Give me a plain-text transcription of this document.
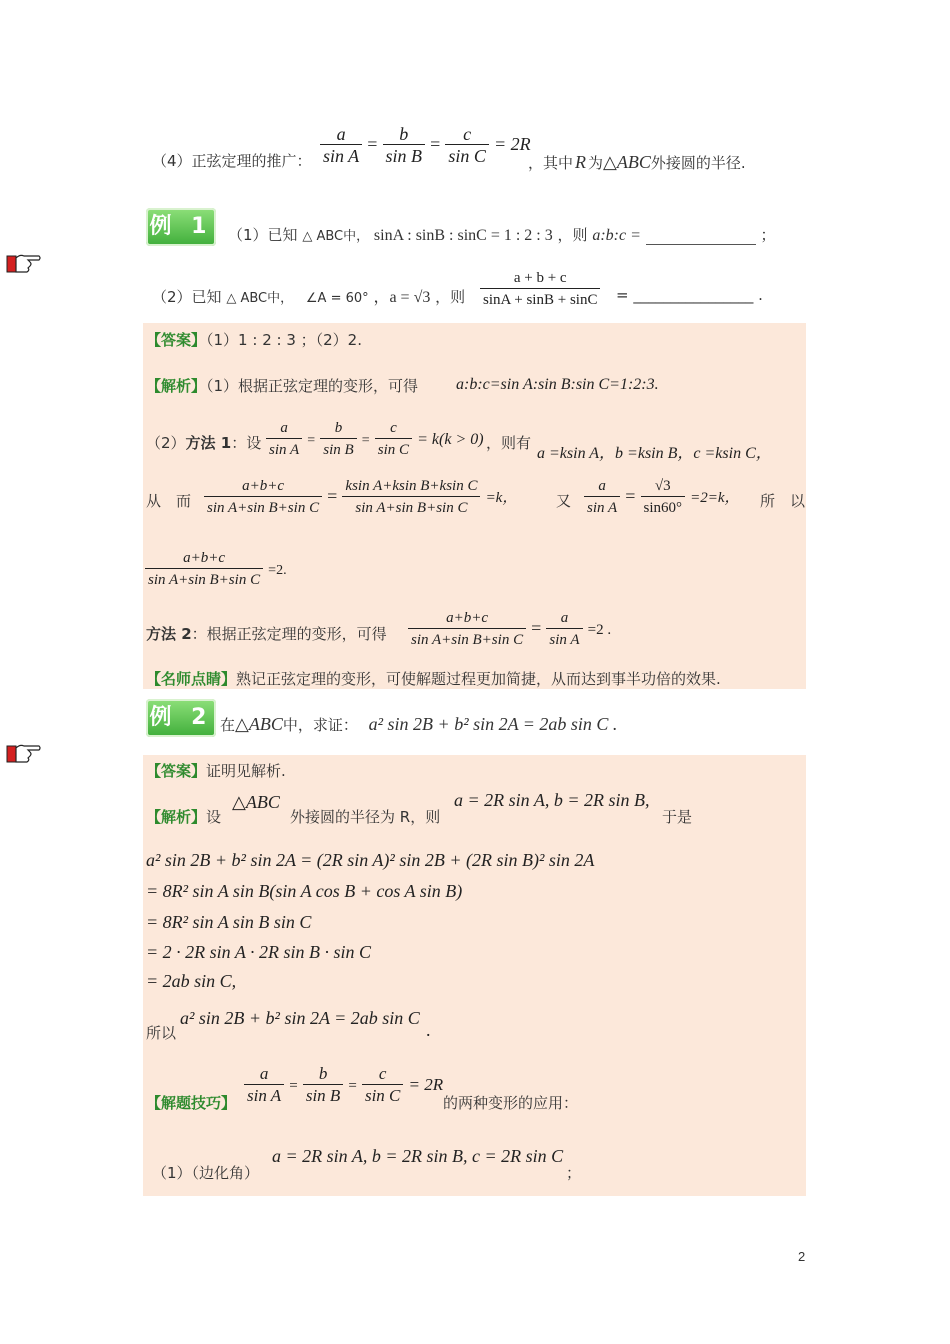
（4）正弦定理的推广： $\frac{a}{\text{sin A}} = \frac{b}{\text{sin B}} = \frac{c}{\text{sin C}} = 2R$
，其中 R 为△ABC外接圆的半径.
例 1 （1）已知 △ ABC中， sinA : sinB : sinC = 1 : 2 : 3 ，则 a:b:c =	；
（2）已知 △ ABC中， ∠A = 60° ，a = √3 ，则 $\frac{a + b + c}{\sin A + \sin B + \sin C}$ = ________________ .
【答案】（1）1 : 2 : 3 ；（2）2.
【解析】（1）根据正弦定理的变形，可得 a:b:c=sin A:sin B:sin C=1:2:3.
（2）方法 1：设 $\frac{a}{\text{sin A}} = \frac{b}{\text{sin B}} = \frac{c}{\text{sin C}} = k(k > 0)$ ，则有
a =ksin A，b =ksin B，c =ksin C，
从　而 $\frac{a+b+c}{\text{sin A+sin B+sin C}} = \frac{\text{ksin A+ksin B+ksin C}}{\text{sin A+sin B+sin C}} =k$，	又 $\frac{a}{\text{sin A}} = \frac{√3}{\sin 60^\circ} =2=k$， 所　以
$\frac{a+b+c}{\text{sin A+sin B+sin C}} =2$.
方法 2：根据正弦定理的变形，可得 $\frac{a+b+c}{\text{sin A+sin B+sin C}} = \frac{a}{\text{sin A}} =2$ .
【名师点睛】熟记正弦定理的变形，可使解题过程更加简捷，从而达到事半功倍的效果.
例 2 在△ABC中，求证： a² sin 2B + b² sin 2A = 2ab sin C .
【答案】证明见解析.
【解析】设
△ABC
外接圆的半径为 R，则
a = 2R sin A, b = 2R sin B,
于是
a² sin 2B + b² sin 2A = (2R sin A)² sin 2B + (2R sin B)² sin 2A
= 8R² sin A sin B(sin A cos B + cos A sin B)
= 8R² sin A sin B sin C
= 2 · 2R sin A · 2R sin B · sin C
= 2ab sin C,
所以
a² sin 2B + b² sin 2A = 2ab sin C
.
【解题技巧】 $\frac{a}{\text{sin A}} = \frac{b}{\text{sin B}} = \frac{c}{\text{sin C}} = 2R$
的两种变形的应用：
（1）（边化角）
a = 2R sin A, b = 2R sin B, c = 2R sin C
；
2
